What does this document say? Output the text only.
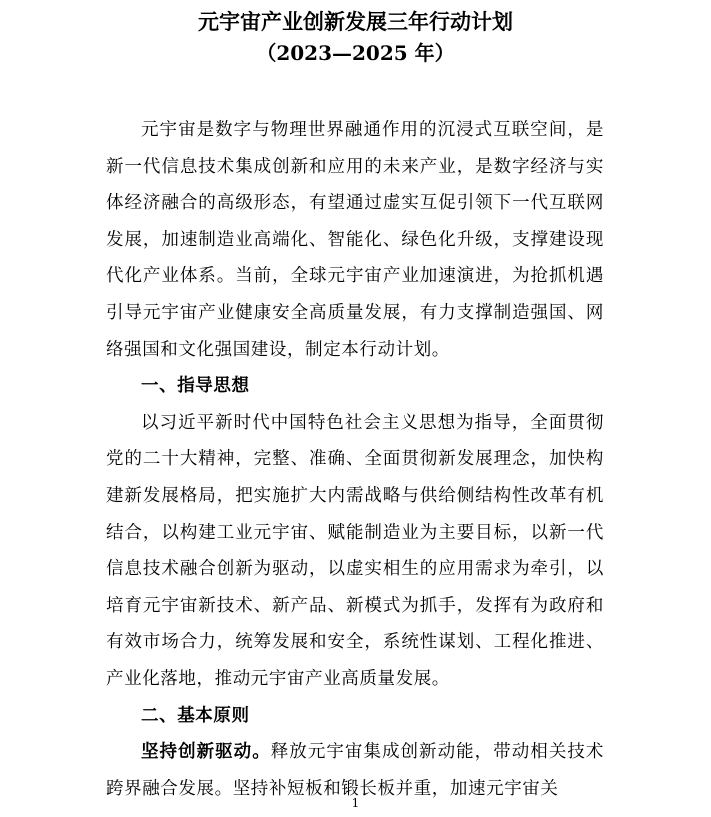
元宇宙产业创新发展三年行动计划
（2023—2025 年）

元宇宙是数字与物理世界融通作用的沉浸式互联空间，是新一代信息技术集成创新和应用的未来产业，是数字经济与实体经济融合的高级形态，有望通过虚实互促引领下一代互联网发展，加速制造业高端化、智能化、绿色化升级，支撑建设现代化产业体系。当前，全球元宇宙产业加速演进，为抢抓机遇引导元宇宙产业健康安全高质量发展，有力支撑制造强国、网络强国和文化强国建设，制定本行动计划。

一、指导思想

以习近平新时代中国特色社会主义思想为指导，全面贯彻党的二十大精神，完整、准确、全面贯彻新发展理念，加快构建新发展格局，把实施扩大内需战略与供给侧结构性改革有机结合，以构建工业元宇宙、赋能制造业为主要目标，以新一代信息技术融合创新为驱动，以虚实相生的应用需求为牵引，以培育元宇宙新技术、新产品、新模式为抓手，发挥有为政府和有效市场合力，统筹发展和安全，系统性谋划、工程化推进、产业化落地，推动元宇宙产业高质量发展。

二、基本原则

坚持创新驱动。释放元宇宙集成创新动能，带动相关技术跨界融合发展。坚持补短板和锻长板并重，加速元宇宙关

1
